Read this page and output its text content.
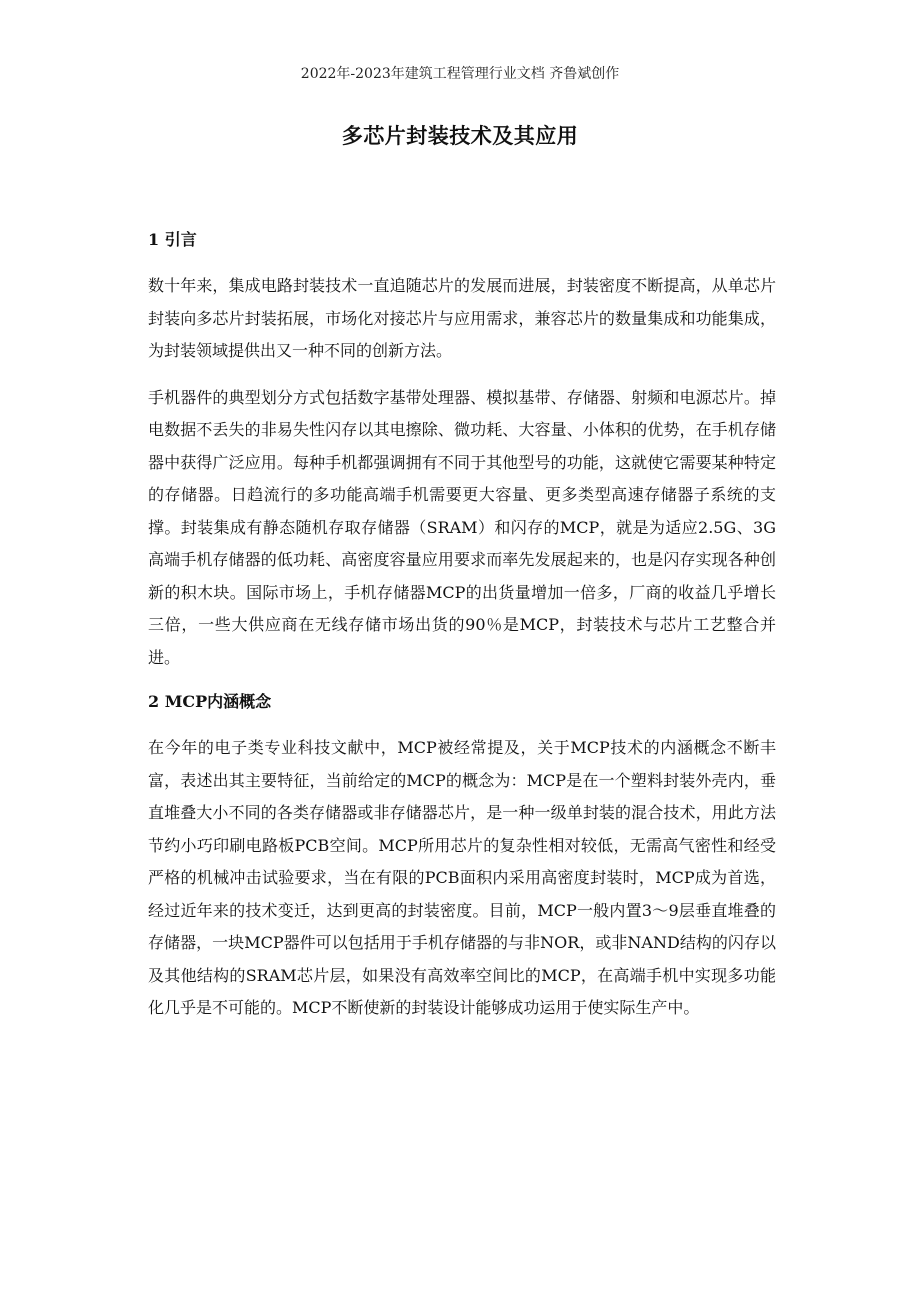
2022年-2023年建筑工程管理行业文档 齐鲁斌创作
多芯片封装技术及其应用
1 引言

数十年来，集成电路封装技术一直追随芯片的发展而进展，封装密度不断提高，从单芯片封装向多芯片封装拓展，市场化对接芯片与应用需求，兼容芯片的数量集成和功能集成，为封装领域提供出又一种不同的创新方法。

手机器件的典型划分方式包括数字基带处理器、模拟基带、存储器、射频和电源芯片。掉电数据不丢失的非易失性闪存以其电擦除、微功耗、大容量、小体积的优势，在手机存储器中获得广泛应用。每种手机都强调拥有不同于其他型号的功能，这就使它需要某种特定的存储器。日趋流行的多功能高端手机需要更大容量、更多类型高速存储器子系统的支撑。封装集成有静态随机存取存储器（SRAM）和闪存的MCP，就是为适应2.5G、3G高端手机存储器的低功耗、高密度容量应用要求而率先发展起来的，也是闪存实现各种创新的积木块。国际市场上，手机存储器MCP的出货量增加一倍多，厂商的收益几乎增长三倍，一些大供应商在无线存储市场出货的90％是MCP，封装技术与芯片工艺整合并进。

2 MCP内涵概念

在今年的电子类专业科技文献中，MCP被经常提及，关于MCP技术的内涵概念不断丰富，表述出其主要特征，当前给定的MCP的概念为：MCP是在一个塑料封装外壳内，垂直堆叠大小不同的各类存储器或非存储器芯片，是一种一级单封装的混合技术，用此方法节约小巧印刷电路板PCB空间。MCP所用芯片的复杂性相对较低，无需高气密性和经受严格的机械冲击试验要求，当在有限的PCB面积内采用高密度封装时，MCP成为首选，经过近年来的技术变迁，达到更高的封装密度。目前，MCP一般内置3～9层垂直堆叠的存储器，一块MCP器件可以包括用于手机存储器的与非NOR，或非NAND结构的闪存以及其他结构的SRAM芯片层，如果没有高效率空间比的MCP，在高端手机中实现多功能化几乎是不可能的。MCP不断使新的封装设计能够成功运用于使实际生产中。
